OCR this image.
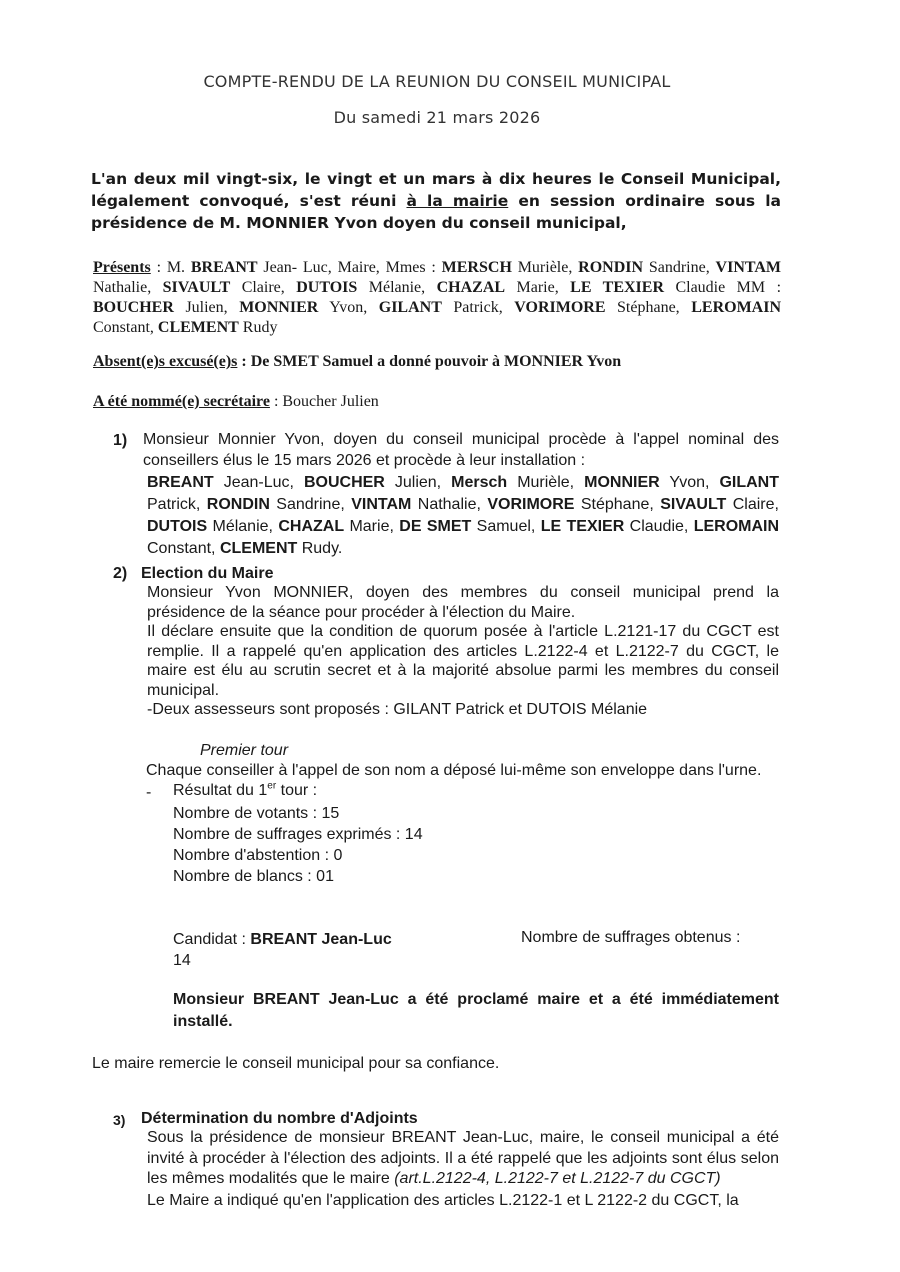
COMPTE-RENDU DE LA REUNION DU CONSEIL MUNICIPAL
Du samedi 21 mars 2026
L'an deux mil vingt-six, le vingt et un mars à dix heures le Conseil Municipal, légalement convoqué, s'est réuni à la mairie en session ordinaire sous la présidence de M. MONNIER Yvon doyen du conseil municipal,
Présents : M. BREANT Jean- Luc, Maire, Mmes : MERSCH Murièle, RONDIN Sandrine, VINTAM Nathalie, SIVAULT Claire, DUTOIS Mélanie, CHAZAL Marie, LE TEXIER Claudie MM : BOUCHER Julien, MONNIER Yvon, GILANT Patrick, VORIMORE Stéphane, LEROMAIN Constant, CLEMENT Rudy
Absent(e)s excusé(e)s : De SMET Samuel a donné pouvoir à MONNIER Yvon
A été nommé(e) secrétaire : Boucher Julien
1) Monsieur Monnier Yvon, doyen du conseil municipal procède à l'appel nominal des conseillers élus le 15 mars 2026 et procède à leur installation :
BREANT Jean-Luc, BOUCHER Julien, Mersch Murièle, MONNIER Yvon, GILANT Patrick, RONDIN Sandrine, VINTAM Nathalie, VORIMORE Stéphane, SIVAULT Claire, DUTOIS Mélanie, CHAZAL Marie, DE SMET Samuel, LE TEXIER Claudie, LEROMAIN Constant, CLEMENT Rudy.
2) Election du Maire
Monsieur Yvon MONNIER, doyen des membres du conseil municipal prend la présidence de la séance pour procéder à l'élection du Maire.
Il déclare ensuite que la condition de quorum posée à l'article L.2121-17 du CGCT est remplie. Il a rappelé qu'en application des articles L.2122-4 et L.2122-7 du CGCT, le maire est élu au scrutin secret et à la majorité absolue parmi les membres du conseil municipal.
-Deux assesseurs sont proposés : GILANT Patrick et DUTOIS Mélanie
Premier tour
Chaque conseiller à l'appel de son nom a déposé lui-même son enveloppe dans l'urne.
- Résultat du 1er tour :
Nombre de votants : 15
Nombre de suffrages exprimés : 14
Nombre d'abstention : 0
Nombre de blancs : 01
Candidat : BREANT Jean-Luc	Nombre de suffrages obtenus :
14
Monsieur BREANT Jean-Luc a été proclamé maire et a été immédiatement installé.
Le maire remercie le conseil municipal pour sa confiance.
3) Détermination du nombre d'Adjoints
Sous la présidence de monsieur BREANT Jean-Luc, maire, le conseil municipal a été invité à procéder à l'élection des adjoints. Il a été rappelé que les adjoints sont élus selon les mêmes modalités que le maire (art.L.2122-4, L.2122-7 et L.2122-7 du CGCT)
Le Maire a indiqué qu'en l'application des articles L.2122-1 et L 2122-2 du CGCT, la
